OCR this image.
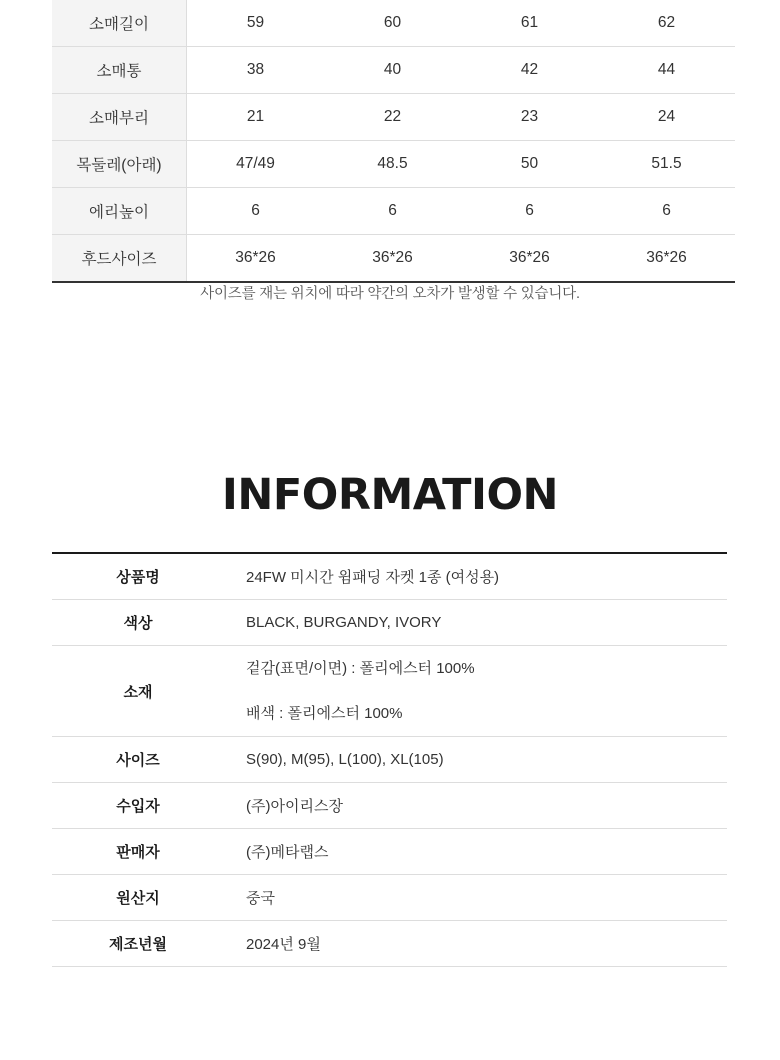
소매길이	59	60	61	62
소매통	38	40	42	44
소매부리	21	22	23	24
목둘레(아래)	47/49	48.5	50	51.5
에리높이	6	6	6	6
후드사이즈	36*26	36*26	36*26	36*26
사이즈를 재는 위치에 따라 약간의 오차가 발생할 수 있습니다.
INFORMATION
상품명	24FW 미시간 윔패딩 자켓 1종 (여성용)
색상	BLACK, BURGANDY, IVORY
소재	겉감(표면/이면) : 폴리에스터 100%
배색 : 폴리에스터 100%

사이즈	S(90), M(95), L(100), XL(105)
수입자	(주)아이리스장
판매자	(주)메타랩스
원산지	중국
제조년월	2024년 9월
